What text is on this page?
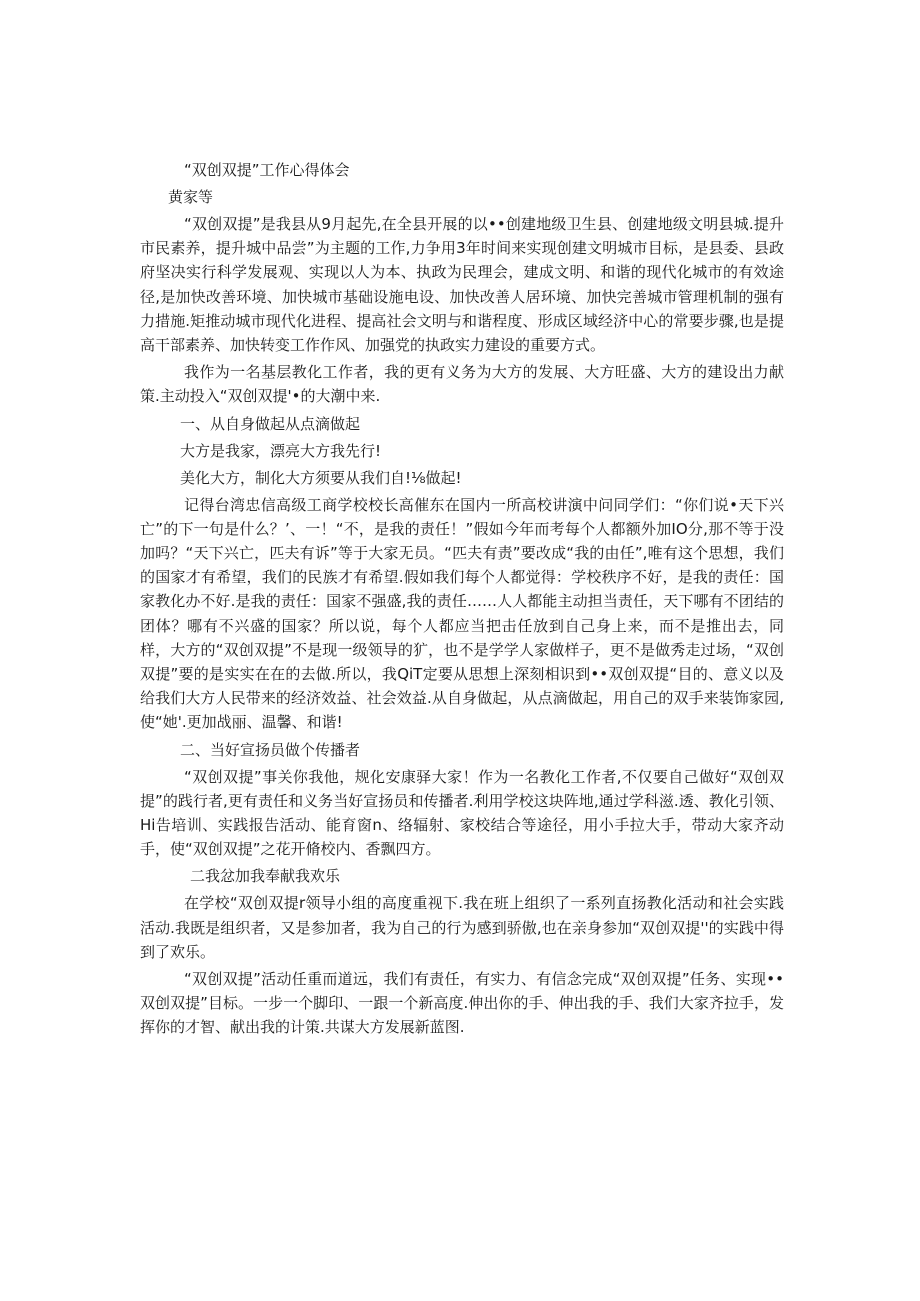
“双创双提”工作心得体会

黄家等

“双创双提”是我县从9月起先,在全县开展的以••创建地级卫生县、创建地级文明县城.提升市民素养，提升城中品尝”为主题的工作,力争用3年时间来实现创建文明城市目标，是县委、县政府坚决实行科学发展观、实现以人为本、执政为民理会，建成文明、和谐的现代化城市的有效途径,是加快改善环境、加快城市基础设施电设、加快改善人居环境、加快完善城市管理机制的强有力措施.矩推动城市现代化进程、提高社会文明与和谐程度、形成区域经济中心的常要步骤,也是提高干部素养、加快转变工作作风、加强党的执政实力建设的重要方式。

我作为一名基层教化工作者，我的更有义务为大方的发展、大方旺盛、大方的建设出力献策.主动投入“双创双提'•的大潮中来.

一、从自身做起从点滴做起

大方是我家，漂亮大方我先行!

美化大方，制化大方须要从我们自!⅛做起!

记得台湾忠信高级工商学校校长高催东在国内一所高校讲演中问同学们：“你们说•天下兴亡”的下一句是什么？’、一！“不，是我的责任！”假如今年而考每个人都额外加IO分,那不等于没加吗？“天下兴亡，匹夫有诉”等于大家无员。“匹夫有责”要改成“我的由任”,唯有这个思想，我们的国家才有希望，我们的民族才有希望.假如我们每个人都觉得：学校秩序不好，是我的责任：国家教化办不好.是我的责任：国家不强盛,我的责任……人人都能主动担当责任，天下哪有不团结的团体？哪有不兴盛的国家？所以说，每个人都应当把击任放到自己身上来，而不是推出去，同样，大方的“双创双提”不是现一级领导的犷，也不是学学人家做样子，更不是做秀走过场，“双创双提”要的是实实在在的去做.所以，我QiT定要从思想上深刻相识到••双创双提“目的、意义以及给我们大方人民带来的经济效益、社会效益.从自身做起，从点滴做起，用自己的双手来装饰家园,使“她'.更加战丽、温馨、和谐!

二、当好宣扬员做个传播者

“双创双提”事关你我他，规化安康驿大家！作为一名教化工作者,不仅要自己做好“双创双提”的践行者,更有责任和义务当好宣扬员和传播者.利用学校这块阵地,通过学科滋.透、教化引领、Hi告培训、实践报告活动、能育窗n、络辐射、家校结合等途径，用小手拉大手，带动大家齐动手，使“双创双提”之花开脩校内、香飘四方。

二我忿加我奉献我欢乐

在学校“双创双提r领导小组的高度重视下.我在班上组织了一系列直扬教化活动和社会实践活动.我既是组织者，又是参加者，我为自己的行为感到骄傲,也在亲身参加“双创双提''的实践中得到了欢乐。

“双创双提”活动任重而道远，我们有责任，有实力、有信念完成“双创双提”任务、实现••双创双提”目标。一步一个脚印、一跟一个新高度.伸出你的手、伸出我的手、我们大家齐拉手，发挥你的才智、献出我的计策.共谋大方发展新蓝图.
